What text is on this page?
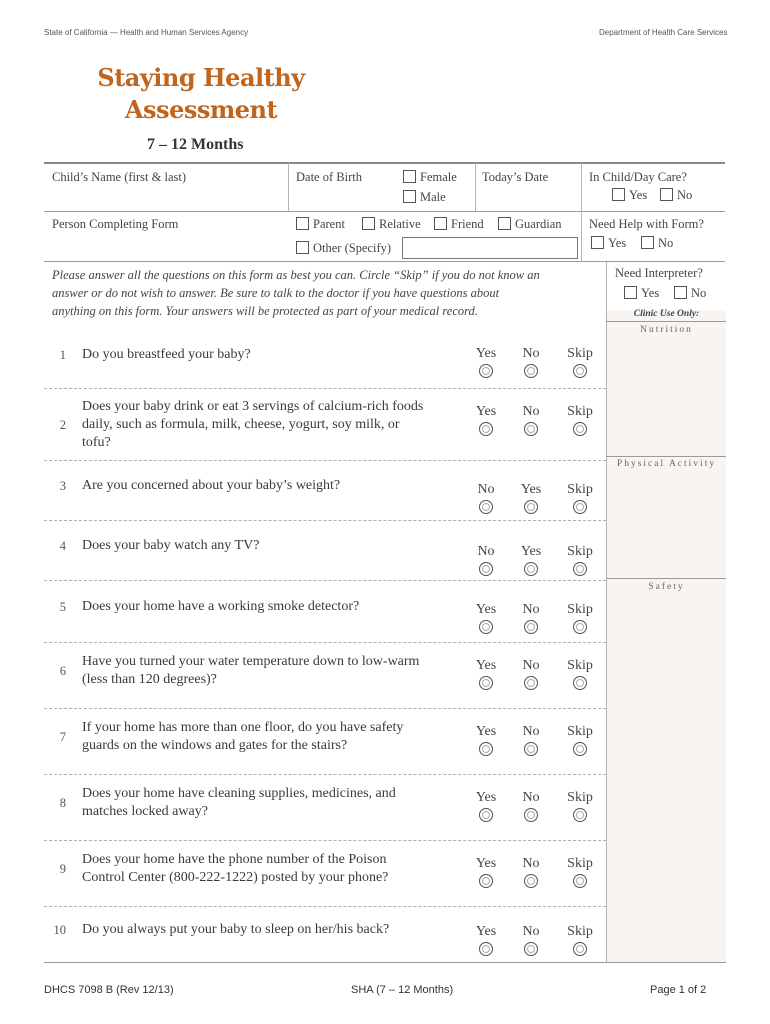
State of California — Health and Human Services Agency	Department of Health Care Services
Staying Healthy
Assessment
7 – 12 Months
Child’s Name (first & last)	Date of Birth	Female
Male
Today’s Date	In Child/Day Care?
Yes	No
Person Completing Form	Parent	Relative	Friend	Guardian
Other (Specify)
Need Help with Form?
Yes	No
Please answer all the questions on this form as best you can. Circle “Skip” if you do not know an
answer or do not wish to answer. Be sure to talk to the doctor if you have questions about
anything on this form. Your answers will be protected as part of your medical record.
Need Interpreter?
Yes	No
Clinic Use Only:
Nutrition
Physical Activity
Safety
1 Do you breastfeed your baby?	Yes	No	Skip
2
Does your baby drink or eat 3 servings of calcium-rich foods
daily, such as formula, milk, cheese, yogurt, soy milk, or
tofu?
Yes	No	Skip
3 Are you concerned about your baby’s weight?	No	Yes	Skip
4 Does your baby watch any TV?	No	Yes	Skip
5 Does your home have a working smoke detector?	Yes	No	Skip
6
Have you turned your water temperature down to low-warm
(less than 120 degrees)?
Yes	No	Skip
7
If your home has more than one floor, do you have safety
guards on the windows and gates for the stairs?
Yes	No	Skip
8
Does your home have cleaning supplies, medicines, and
matches locked away?
Yes	No	Skip
9
Does your home have the phone number of the Poison
Control Center (800-222-1222) posted by your phone?
Yes	No	Skip
10 Do you always put your baby to sleep on her/his back?	Yes	No	Skip
DHCS 7098 B (Rev 12/13)	SHA (7 – 12 Months)	Page 1 of 2
